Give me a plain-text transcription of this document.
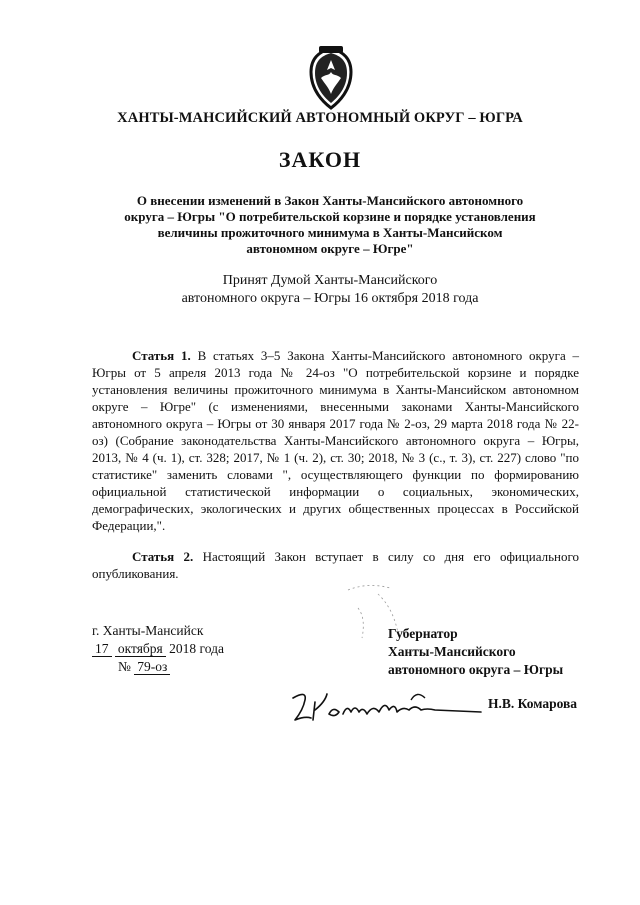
ХАНТЫ-МАНСИЙСКИЙ АВТОНОМНЫЙ ОКРУГ – ЮГРА
ЗАКОН
О внесении изменений в Закон Ханты-Мансийского автономного
округа – Югры "О потребительской корзине и порядке установления
величины прожиточного минимума в Ханты-Мансийском
автономном округе – Югре"
Принят Думой Ханты-Мансийского
автономного округа – Югры 16 октября 2018 года

Статья 1. В статьях 3–5 Закона Ханты-Мансийского автономного округа – Югры от 5 апреля 2013 года № 24-оз "О потребительской корзине и порядке установления величины прожиточного минимума в Ханты-Мансийском автономном округе – Югре" (с изменениями, внесенными законами Ханты-Мансийского автономного округа – Югры от 30 января 2017 года № 2-оз, 29 марта 2018 года № 22-оз) (Собрание законодательства Ханты-Мансийского автономного округа – Югры, 2013, № 4 (ч. 1), ст. 328; 2017, № 1 (ч. 2), ст. 30; 2018, № 3 (с., т. 3), ст. 227) слово "по статистике" заменить словами ", осуществляющего функции по формированию официальной статистической информации о социальных, экономических, демографических, экологических и других общественных процессах в Российской Федерации,".

Статья 2. Настоящий Закон вступает в силу со дня его официального опубликования.

г. Ханты-Мансийск
17 октября 2018 года
№ 79-оз
Губернатор
Ханты-Мансийского
автономного округа – Югры
Н.В. Комарова
